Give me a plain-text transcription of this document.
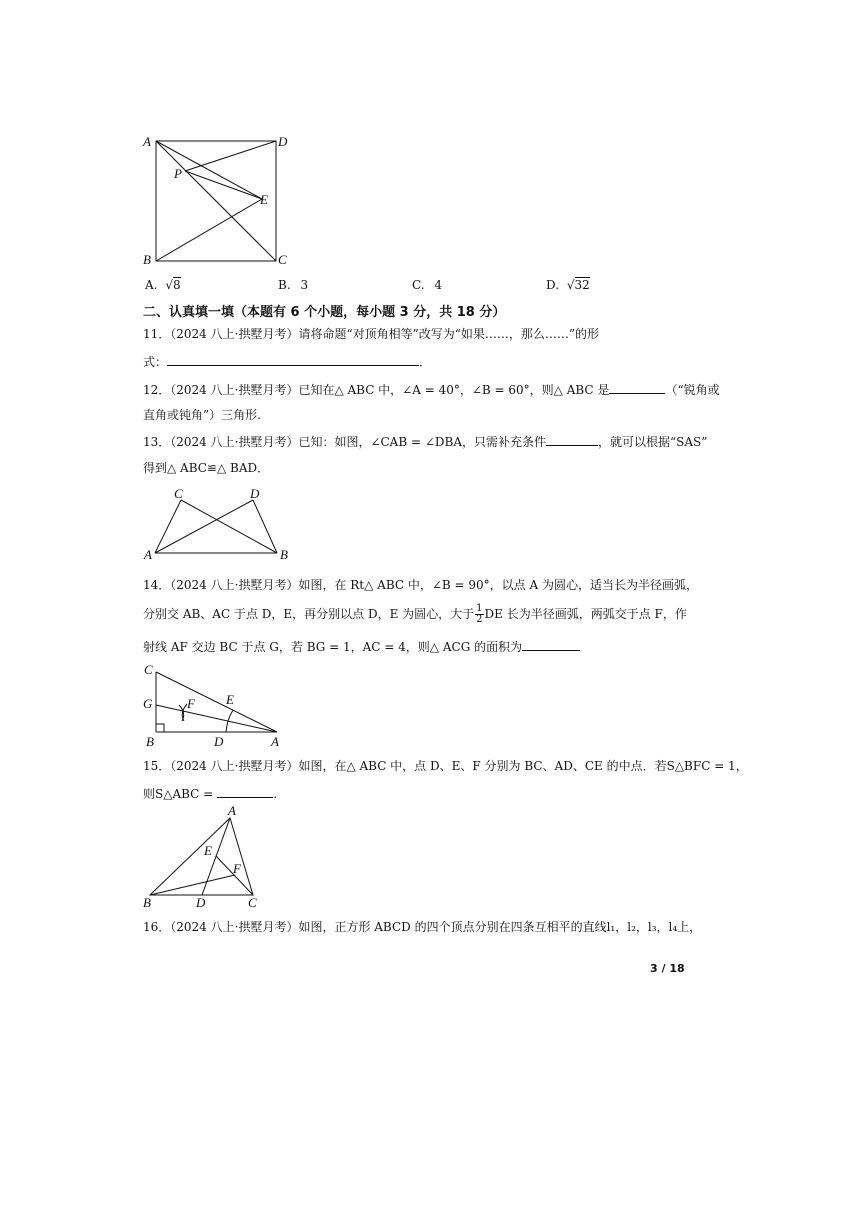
A	D
P
E
B	C
A. √8	B. 3	C. 4	D. √32
二、认真填一填（本题有 6 个小题，每小题 3 分，共 18 分）
11．（2024 八上·拱墅月考）请将命题“对顶角相等”改写为“如果……，那么……”的形
式：	．
12．（2024 八上·拱墅月考）已知在△ ABC 中，∠A = 40°，∠B = 60°，则△ ABC 是	（“锐角或
直角或钝角”）三角形.
13．（2024 八上·拱墅月考）已知：如图，∠CAB = ∠DBA，只需补充条件	，就可以根据“SAS”
得到△ ABC≌△ BAD．
C	D
A	B
14．（2024 八上·拱墅月考）如图，在 Rt△ ABC 中，∠B = 90°，以点 A 为圆心，适当长为半径画弧，
分别交 AB、AC 于点 D，E，再分别以点 D，E 为圆心，大于 $\frac{1}{2}$ DE 长为半径画弧，两弧交于点 F，作
射线 AF 交边 BC 于点 G，若 BG = 1，AC = 4，则△ ACG 的面积为
C
G	F E
B	D	A
15．（2024 八上·拱墅月考）如图，在△ ABC 中，点 D、E、F 分别为 BC、AD、CE 的中点．若S△BFC = 1，
则S△ABC =	.
A
E
F
B	D	C
16．（2024 八上·拱墅月考）如图，正方形 ABCD 的四个顶点分别在四条互相平的直线l₁，l₂，l₃，l₄上，
3 / 18
